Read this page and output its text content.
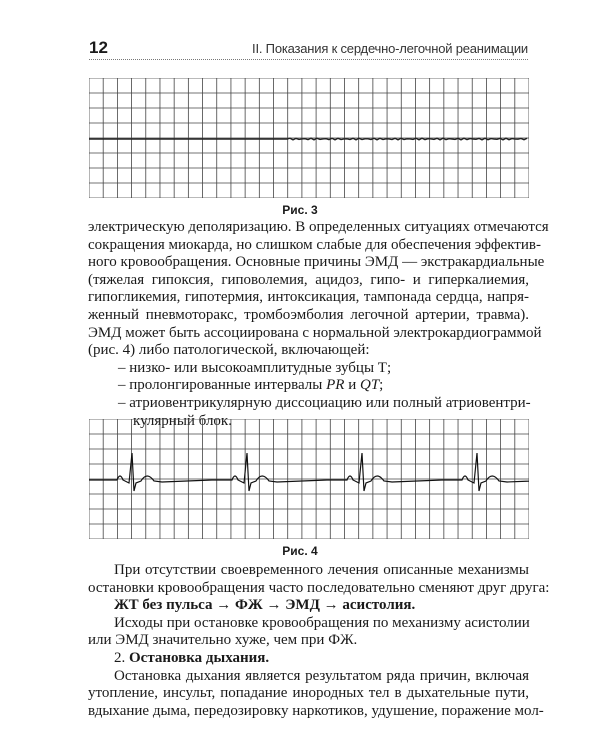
12	II. Показания к сердечно-легочной реанимации
Рис. 3
электрическую деполяризацию. В определенных ситуациях отмечаются
сокращения миокарда, но слишком слабые для обеспечения эффектив-
ного кровообращения. Основные причины ЭМД — экстракардиальные
(тяжелая гипоксия, гиповолемия, ацидоз, гипо- и гиперкалиемия,
гипогликемия, гипотермия, интоксикация, тампонада сердца, напря-
женный пневмоторакс, тромбоэмболия легочной артерии, травма).
ЭМД может быть ассоциирована с нормальной электрокардиограммой
(рис. 4) либо патологической, включающей:
– низко- или высокоамплитудные зубцы Т;
– пролонгированные интервалы PR и QT;
– атриовентрикулярную диссоциацию или полный атриовентри-
кулярный блок.
Рис. 4
При отсутствии своевременного лечения описанные механизмы
остановки кровообращения часто последовательно сменяют друг друга:
ЖТ без пульса → ФЖ → ЭМД → асистолия.
Исходы при остановке кровообращения по механизму асистолии
или ЭМД значительно хуже, чем при ФЖ.
2. Остановка дыхания.
Остановка дыхания является результатом ряда причин, включая
утопление, инсульт, попадание инородных тел в дыхательные пути,
вдыхание дыма, передозировку наркотиков, удушение, поражение мол-
